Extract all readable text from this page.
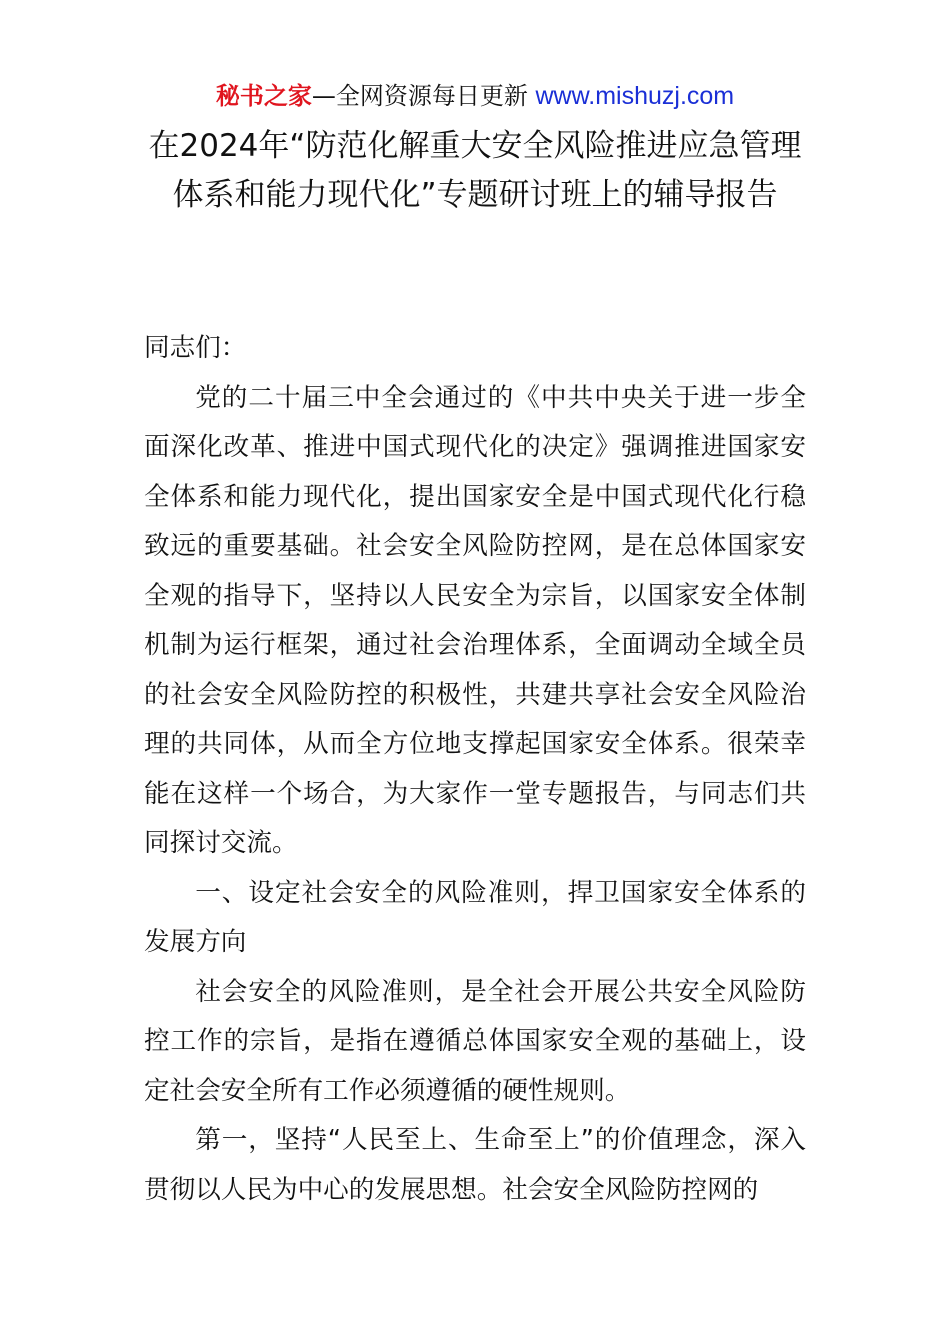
秘书之家—全网资源每日更新 www.mishuzj.com
在2024年“防范化解重大安全风险推进应急管理体系和能力现代化”专题研讨班上的辅导报告

同志们：

党的二十届三中全会通过的《中共中央关于进一步全面深化改革、推进中国式现代化的决定》强调推进国家安全体系和能力现代化，提出国家安全是中国式现代化行稳致远的重要基础。社会安全风险防控网，是在总体国家安全观的指导下，坚持以人民安全为宗旨，以国家安全体制机制为运行框架，通过社会治理体系，全面调动全域全员的社会安全风险防控的积极性，共建共享社会安全风险治理的共同体，从而全方位地支撑起国家安全体系。很荣幸能在这样一个场合，为大家作一堂专题报告，与同志们共同探讨交流。

一、设定社会安全的风险准则，捍卫国家安全体系的发展方向

社会安全的风险准则，是全社会开展公共安全风险防控工作的宗旨，是指在遵循总体国家安全观的基础上，设定社会安全所有工作必须遵循的硬性规则。

第一，坚持“人民至上、生命至上”的价值理念，深入贯彻以人民为中心的发展思想。社会安全风险防控网的
